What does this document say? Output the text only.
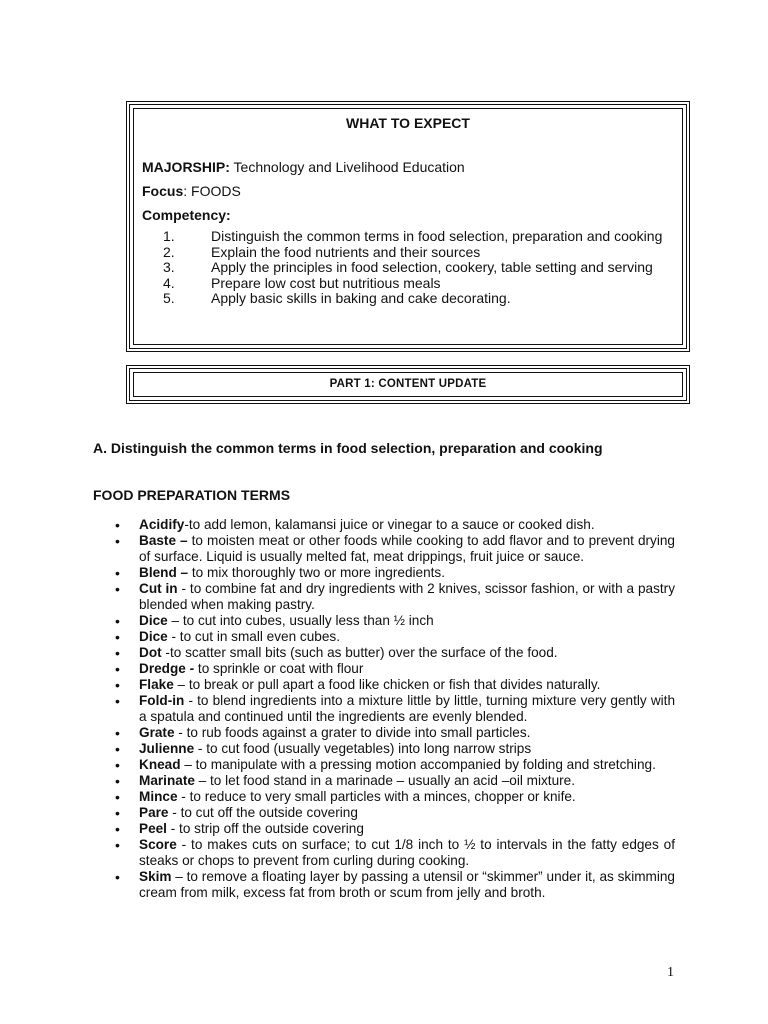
WHAT TO EXPECT
MAJORSHIP: Technology and Livelihood Education
Focus: FOODS
Competency:
1.	Distinguish the common terms in food selection, preparation and cooking
2.	Explain the food nutrients and their sources
3.	Apply the principles in food selection, cookery, table setting and serving
4.	Prepare low cost but nutritious meals
5.	Apply basic skills in baking and cake decorating.
PART 1: CONTENT UPDATE
A. Distinguish the common terms in food selection, preparation and cooking
FOOD PREPARATION TERMS
• Acidify-to add lemon, kalamansi juice or vinegar to a sauce or cooked dish.
• Baste – to moisten meat or other foods while cooking to add flavor and to prevent drying of surface. Liquid is usually melted fat, meat drippings, fruit juice or sauce.
• Blend – to mix thoroughly two or more ingredients.
• Cut in - to combine fat and dry ingredients with 2 knives, scissor fashion, or with a pastry blended when making pastry.
• Dice – to cut into cubes, usually less than ½ inch
• Dice - to cut in small even cubes.
• Dot -to scatter small bits (such as butter) over the surface of the food.
• Dredge - to sprinkle or coat with flour
• Flake – to break or pull apart a food like chicken or fish that divides naturally.
• Fold-in - to blend ingredients into a mixture little by little, turning mixture very gently with a spatula and continued until the ingredients are evenly blended.
• Grate - to rub foods against a grater to divide into small particles.
• Julienne - to cut food (usually vegetables) into long narrow strips
• Knead – to manipulate with a pressing motion accompanied by folding and stretching.
• Marinate – to let food stand in a marinade – usually an acid –oil mixture.
• Mince - to reduce to very small particles with a minces, chopper or knife.
• Pare - to cut off the outside covering
• Peel - to strip off the outside covering
• Score - to makes cuts on surface; to cut 1/8 inch to ½ to intervals in the fatty edges of steaks or chops to prevent from curling during cooking.
• Skim – to remove a floating layer by passing a utensil or “skimmer” under it, as skimming cream from milk, excess fat from broth or scum from jelly and broth.
1
